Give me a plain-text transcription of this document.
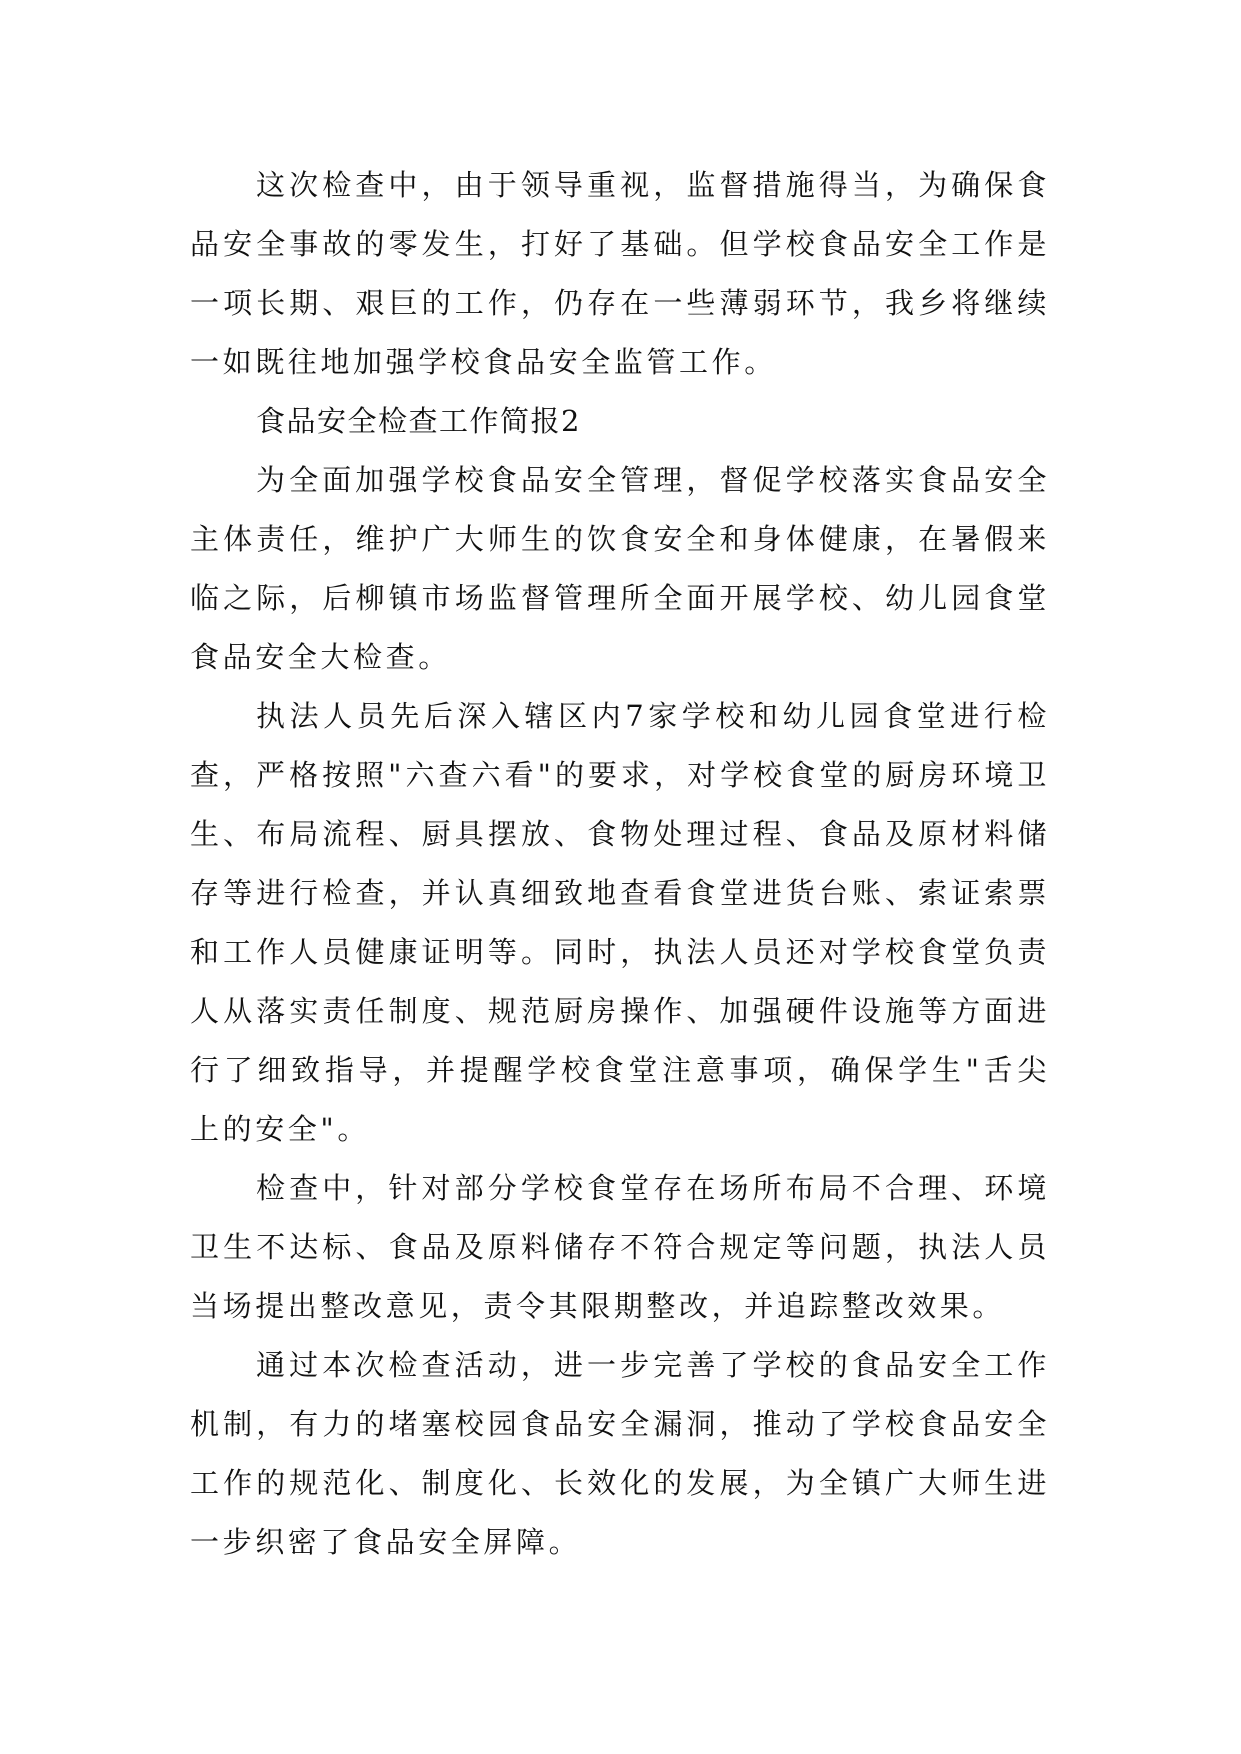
这次检查中，由于领导重视，监督措施得当，为确保食品安全事故的零发生，打好了基础。但学校食品安全工作是一项长期、艰巨的工作，仍存在一些薄弱环节，我乡将继续一如既往地加强学校食品安全监管工作。

食品安全检查工作简报2

为全面加强学校食品安全管理，督促学校落实食品安全主体责任，维护广大师生的饮食安全和身体健康，在暑假来临之际，后柳镇市场监督管理所全面开展学校、幼儿园食堂食品安全大检查。

执法人员先后深入辖区内7家学校和幼儿园食堂进行检查，严格按照"六查六看"的要求，对学校食堂的厨房环境卫生、布局流程、厨具摆放、食物处理过程、食品及原材料储存等进行检查，并认真细致地查看食堂进货台账、索证索票和工作人员健康证明等。同时，执法人员还对学校食堂负责人从落实责任制度、规范厨房操作、加强硬件设施等方面进行了细致指导，并提醒学校食堂注意事项，确保学生"舌尖上的安全"。

检查中，针对部分学校食堂存在场所布局不合理、环境卫生不达标、食品及原料储存不符合规定等问题，执法人员当场提出整改意见，责令其限期整改，并追踪整改效果。

通过本次检查活动，进一步完善了学校的食品安全工作机制，有力的堵塞校园食品安全漏洞，推动了学校食品安全工作的规范化、制度化、长效化的发展，为全镇广大师生进一步织密了食品安全屏障。
